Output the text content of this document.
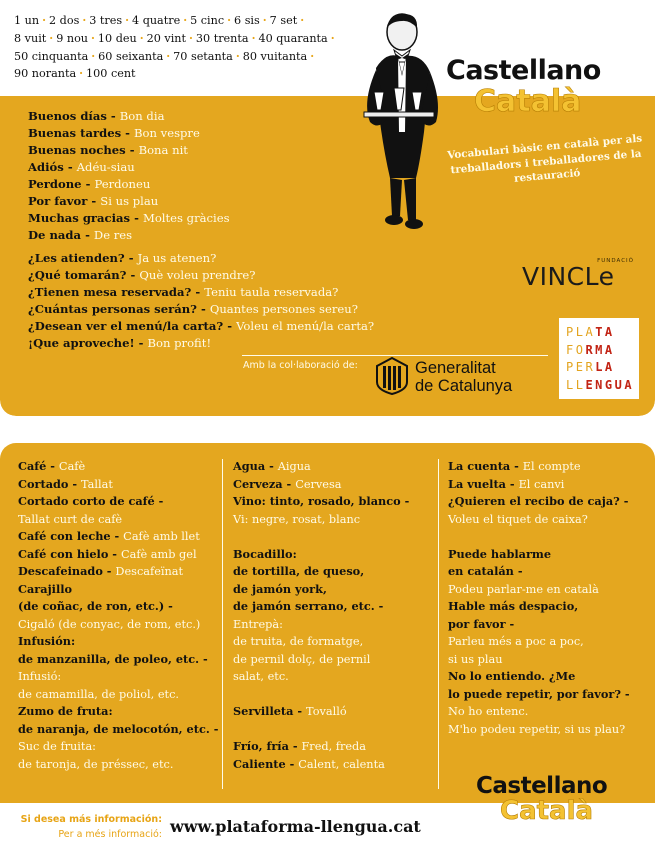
1 un · 2 dos · 3 tres · 4 quatre · 5 cinc · 6 sis · 7 set ·
8 vuit · 9 nou · 10 deu · 20 vint · 30 trenta · 40 quaranta ·
50 cinquanta · 60 seixanta · 70 setanta · 80 vuitanta ·
90 noranta · 100 cent	Castellano
Català
Vocabulari bàsic en català per als treballadors i treballadores de la restauració
Buenos días - Bon dia
Buenas tardes - Bon vespre
Buenas noches - Bona nit
Adiós - Adéu-siau
Perdone - Perdoneu
Por favor - Si us plau
Muchas gracias - Moltes gràcies
De nada - De res
¿Les atienden? - Ja us atenen?
¿Qué tomarán? - Què voleu prendre?
¿Tienen mesa reservada? - Teniu taula reservada?
¿Cuántas personas serán? - Quantes persones sereu?
¿Desean ver el menú/la carta? - Voleu el menú/la carta?
¡Que aproveche! - Bon profit!
FUNDACIÓ
VINCLe
Amb la col·laboració de:	Generalitat
de Catalunya
PLATA
FORMA
PERLA
LLENGUA
Café - Cafè
Cortado - Tallat
Cortado corto de café -
Tallat curt de cafè
Café con leche - Cafè amb llet
Café con hielo - Cafè amb gel
Descafeinado - Descafeïnat
Carajillo
(de coñac, de ron, etc.) -
Cigaló (de conyac, de rom, etc.)
Infusión:
de manzanilla, de poleo, etc. -
Infusió:
de camamilla, de poliol, etc.
Zumo de fruta:
de naranja, de melocotón, etc. -
Suc de fruita:
de taronja, de préssec, etc.
Agua - Aigua
Cerveza - Cervesa
Vino: tinto, rosado, blanco -
Vi: negre, rosat, blanc
Bocadillo:
de tortilla, de queso,
de jamón york,
de jamón serrano, etc. -
Entrepà:
de truita, de formatge,
de pernil dolç, de pernil
salat, etc.
Servilleta - Tovalló
Frío, fría - Fred, freda
Caliente - Calent, calenta
La cuenta - El compte
La vuelta - El canvi
¿Quieren el recibo de caja? -
Voleu el tiquet de caixa?
Puede hablarme
en catalán -
Podeu parlar-me en català
Hable más despacio,
por favor -
Parleu més a poc a poc,
si us plau
No lo entiendo. ¿Me
lo puede repetir, por favor? -
No ho entenc.
M'ho podeu repetir, si us plau?
Si desea más información:
Per a més informació: www.plataforma-llengua.cat
Castellano
Català
